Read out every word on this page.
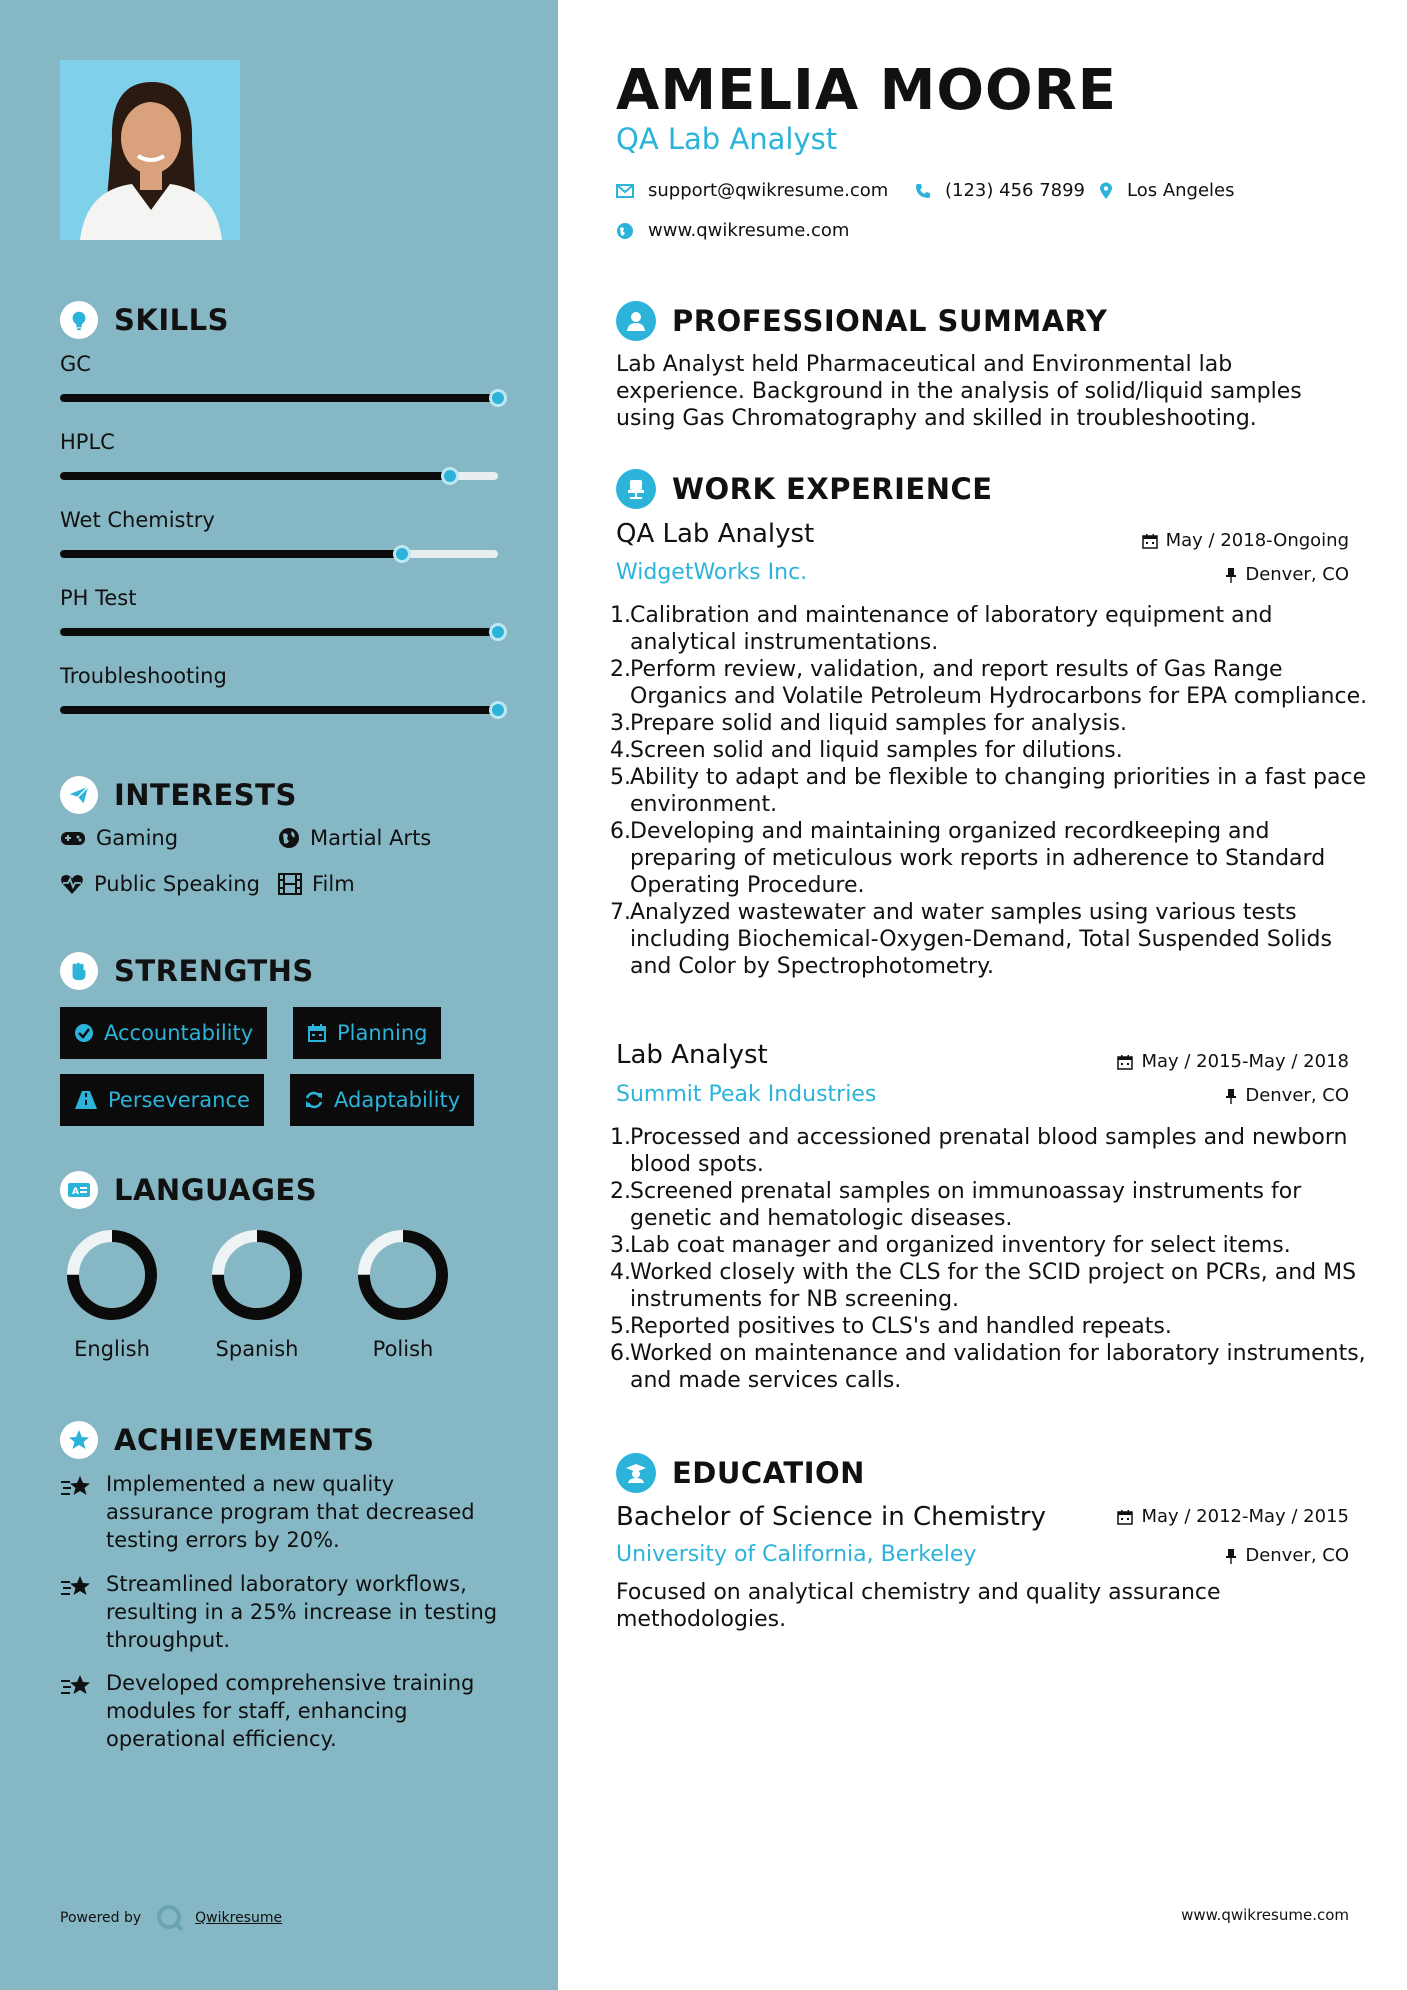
SKILLS
GC
HPLC
Wet Chemistry
PH Test
Troubleshooting
INTERESTS
Gaming	Martial Arts
Public Speaking Film
STRENGTHS
Accountability	Planning
Perseverance	Adaptability
A LANGUAGES
English	Spanish	Polish
ACHIEVEMENTS
Implemented a new quality assurance program that decreased testing errors by 20%.
Streamlined laboratory workflows, resulting in a 25% increase in testing throughput.
Developed comprehensive training modules for staff, enhancing operational efficiency.
Powered by	Qwikresume
AMELIA MOORE
QA Lab Analyst
support@qwikresume.com	(123) 456 7899 Los Angeles
www.qwikresume.com
PROFESSIONAL SUMMARY
Lab Analyst held Pharmaceutical and Environmental lab experience. Background in the analysis of solid/liquid samples using Gas Chromatography and skilled in troubleshooting.
WORK EXPERIENCE
QA Lab Analyst	May / 2018-Ongoing
WidgetWorks Inc.	Denver, CO
1. Calibration and maintenance of laboratory equipment and analytical instrumentations.
2. Perform review, validation, and report results of Gas Range Organics and Volatile Petroleum Hydrocarbons for EPA compliance.
3. Prepare solid and liquid samples for analysis.
4. Screen solid and liquid samples for dilutions.
5. Ability to adapt and be flexible to changing priorities in a fast pace environment.
6. Developing and maintaining organized recordkeeping and preparing of meticulous work reports in adherence to Standard Operating Procedure.
7. Analyzed wastewater and water samples using various tests including Biochemical-Oxygen-Demand, Total Suspended Solids and Color by Spectrophotometry.
Lab Analyst	May / 2015-May / 2018
Summit Peak Industries	Denver, CO
1. Processed and accessioned prenatal blood samples and newborn blood spots.
2. Screened prenatal samples on immunoassay instruments for genetic and hematologic diseases.
3. Lab coat manager and organized inventory for select items.
4. Worked closely with the CLS for the SCID project on PCRs, and MS instruments for NB screening.
5. Reported positives to CLS's and handled repeats.
6. Worked on maintenance and validation for laboratory instruments, and made services calls.
EDUCATION
Bachelor of Science in Chemistry	May / 2012-May / 2015
University of California, Berkeley	Denver, CO
Focused on analytical chemistry and quality assurance methodologies.
www.qwikresume.com
